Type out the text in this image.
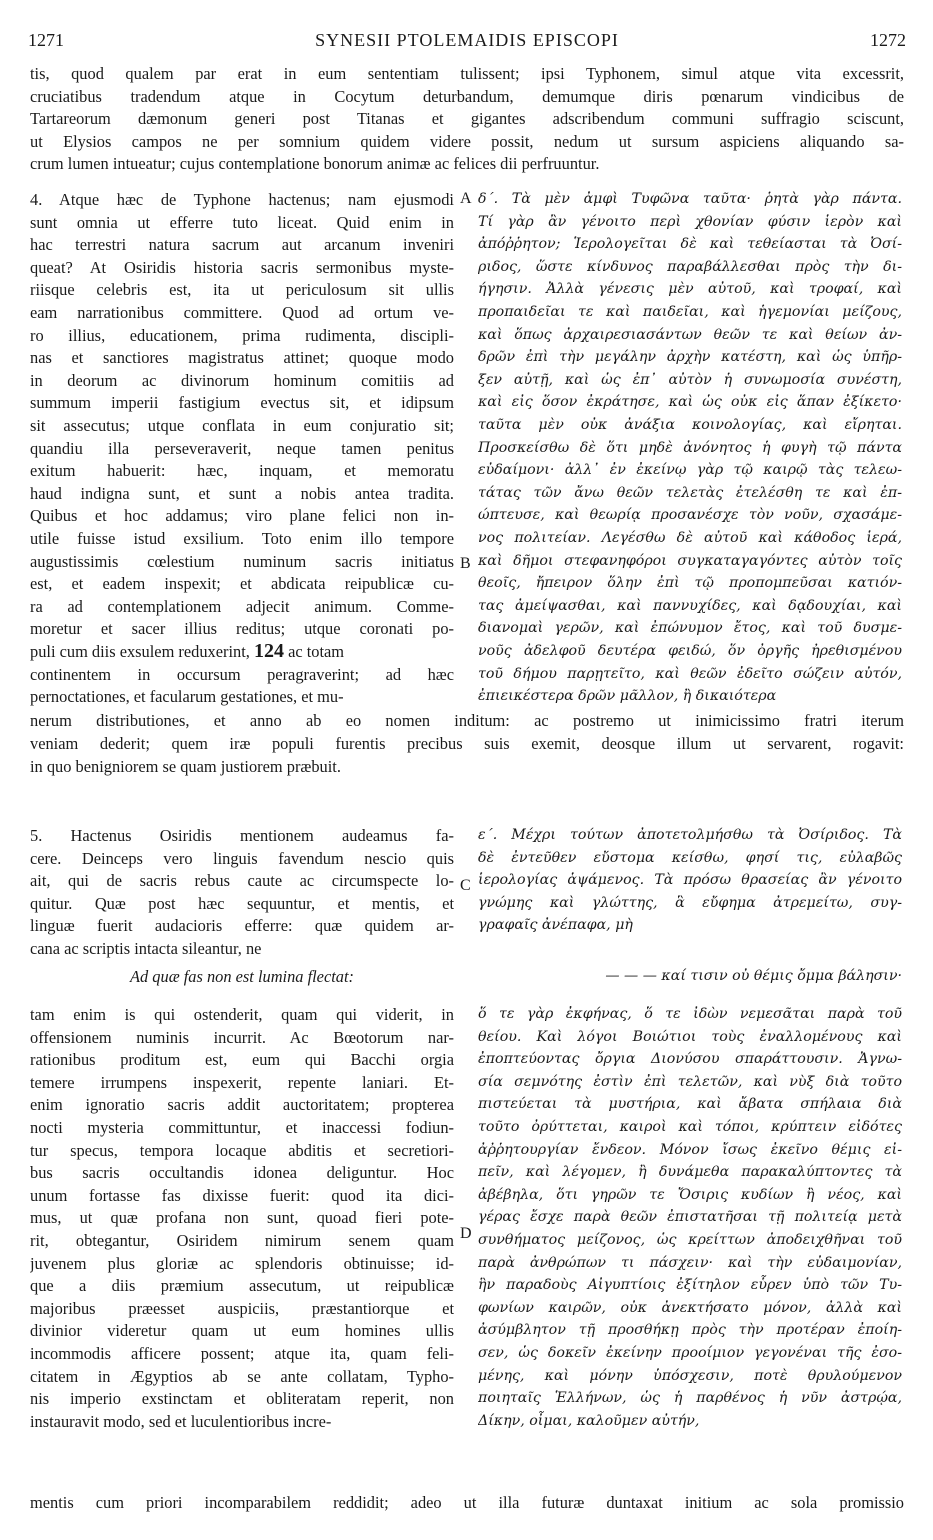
1271	SYNESII PTOLEMAIDIS EPISCOPI	1272
tis, quod qualem par erat in eum sententiam tulissent; ipsi Typhonem, simul atque vita excessrit,
cruciatibus tradendum atque in Cocytum deturbandum, demumque diris pœnarum vindicibus de
Tartareorum dæmonum generi post Titanas et gigantes adscribendum communi suffragio sciscunt,
ut Elysios campos ne per somnium quidem videre possit, nedum ut sursum aspiciens aliquando sa-
crum lumen intueatur; cujus contemplatione bonorum animæ ac felices dii perfruuntur.
4. Atque hæc de Typhone hactenus; nam ejusmodi
sunt omnia ut efferre tuto liceat. Quid enim in
hac terrestri natura sacrum aut arcanum inveniri
queat? At Osiridis historia sacris sermonibus myste-
riisque celebris est, ita ut periculosum sit ullis
eam narrationibus committere. Quod ad ortum ve-
ro illius, educationem, prima rudimenta, discipli-
nas et sanctiores magistratus attinet; quoque modo
in deorum ac divinorum hominum comitiis ad
summum imperii fastigium evectus sit, et idipsum
sit assecutus; utque conflata in eum conjuratio sit;
quandiu illa perseveraverit, neque tamen penitus
exitum habuerit: hæc, inquam, et memoratu
haud indigna sunt, et sunt a nobis antea tradita.
Quibus et hoc addamus; viro plane felici non in-
utile fuisse istud exsilium. Toto enim illo tempore
augustissimis cœlestium numinum sacris initiatus
est, et eadem inspexit; et abdicata reipublicæ cu-
ra ad contemplationem adjecit animum. Comme-
moretur et sacer illius reditus; utque coronati po-
puli cum diis exsulem reduxerint, 124 ac totam
continentem in occursum peragraverint; ad hæc
pernoctationes, et facularum gestationes, et mu-
δ΄. Τὰ μὲν ἀμφὶ Τυφῶνα ταῦτα· ῥητὰ γὰρ πάντα.
Τί γὰρ ἂν γένοιτο περὶ χθονίαν φύσιν ἱερὸν καὶ
ἀπόῤῥητον; Ἱερολογεῖται δὲ καὶ τεθείασται τὰ Ὀσί-
ριδος, ὥστε κίνδυνος παραβάλλεσθαι πρὸς τὴν δι-
ήγησιν. Ἀλλὰ γένεσις μὲν αὐτοῦ, καὶ τροφαί, καὶ
προπαιδεῖαι τε καὶ παιδεῖαι, καὶ ἡγεμονίαι μείζους,
καὶ ὅπως ἀρχαιρεσιασάντων θεῶν τε καὶ θείων ἀν-
δρῶν ἐπὶ τὴν μεγάλην ἀρχὴν κατέστη, καὶ ὡς ὑπῆρ-
ξεν αὐτῇ, καὶ ὡς ἐπ᾽ αὐτὸν ἡ συνωμοσία συνέστη,
καὶ εἰς ὅσον ἐκράτησε, καὶ ὡς οὐκ εἰς ἅπαν ἐξίκετο·
ταῦτα μὲν οὐκ ἀνάξια κοινολογίας, καὶ εἴρηται.
Προσκείσθω δὲ ὅτι μηδὲ ἀνόνητος ἡ φυγὴ τῷ πάντα
εὐδαίμονι· ἀλλ᾽ ἐν ἐκείνῳ γὰρ τῷ καιρῷ τὰς τελεω-
τάτας τῶν ἄνω θεῶν τελετὰς ἐτελέσθη τε καὶ ἐπ-
ώπτευσε, καὶ θεωρίᾳ προσανέσχε τὸν νοῦν, σχασάμε-
νος πολιτείαν. Λεγέσθω δὲ αὐτοῦ καὶ κάθοδος ἱερά,
καὶ δῆμοι στεφανηφόροι συγκαταγαγόντες αὐτὸν τοῖς
θεοῖς, ἤπειρον ὅλην ἐπὶ τῷ προπομπεῦσαι κατιόν-
τας ἀμείψασθαι, καὶ παννυχίδες, καὶ δᾳδουχίαι, καὶ
διανομαὶ γερῶν, καὶ ἐπώνυμον ἔτος, καὶ τοῦ δυσμε-
νοῦς ἀδελφοῦ δευτέρα φειδώ, ὅν ὀργῆς ἠρεθισμένου
τοῦ δήμου παρῃτεῖτο, καὶ θεῶν ἐδεῖτο σώζειν αὐτόν,
ἐπιεικέστερα δρῶν μᾶλλον, ἢ δικαιότερα
nerum distributiones, et anno ab eo nomen inditum: ac postremo ut inimicissimo fratri iterum
veniam dederit; quem iræ populi furentis precibus suis exemit, deosque illum ut servarent, rogavit:
in quo benigniorem se quam justiorem præbuit.
5. Hactenus Osiridis mentionem audeamus fa-
cere. Deinceps vero linguis favendum nescio quis
ait, qui de sacris rebus caute ac circumspecte lo-
quitur. Quæ post hæc sequuntur, et mentis, et
linguæ fuerit audacioris efferre: quæ quidem ar-
cana ac scriptis intacta sileantur, ne
ε΄. Μέχρι τούτων ἀποτετολμήσθω τὰ Ὀσίριδος. Τὰ
δὲ ἐντεῦθεν εὔστομα κείσθω, φησί τις, εὐλαβῶς
ἱερολογίας ἁψάμενος. Τὰ πρόσω θρασείας ἂν γένοιτο
γνώμης καὶ γλώττης, ἃ εὔφημα ἀτρεμείτω, συγ-
γραφαῖς ἀνέπαφα, μὴ
tam enim is qui ostenderit, quam qui viderit, in
offensionem numinis incurrit. Ac Bœotorum nar-
rationibus proditum est, eum qui Bacchi orgia
temere irrumpens inspexerit, repente laniari. Et-
enim ignoratio sacris addit auctoritatem; propterea
nocti mysteria committuntur, et inaccessi fodiun-
tur specus, tempora locaque abditis et secretiori-
bus sacris occultandis idonea deliguntur. Hoc
unum fortasse fas dixisse fuerit: quod ita dici-
mus, ut quæ profana non sunt, quoad fieri pote-
rit, obtegantur, Osiridem nimirum senem quam
juvenem plus gloriæ ac splendoris obtinuisse; id-
que a diis præmium assecutum, ut reipublicæ
majoribus præesset auspiciis, præstantiorque et
divinior videretur quam ut eum homines ullis
incommodis afficere possent; atque ita, quam feli-
citatem in Ægyptios ab se ante collatam, Typho-
nis imperio exstinctam et obliteratam reperit, non
instauravit modo, sed et luculentioribus incre-
ὅ τε γὰρ ἐκφήνας, ὅ τε ἰδὼν νεμεσᾶται παρὰ τοῦ
θείου. Καὶ λόγοι Βοιώτιοι τοὺς ἐναλλομένους καὶ
ἐποπτεύοντας ὄργια Διονύσου σπαράττουσιν. Ἀγνω-
σία σεμνότης ἐστὶν ἐπὶ τελετῶν, καὶ νὺξ διὰ τοῦτο
πιστεύεται τὰ μυστήρια, καὶ ἄβατα σπήλαια διὰ
τοῦτο ὀρύττεται, καιροὶ καὶ τόποι, κρύπτειν εἰδότες
ἀῤῥητουργίαν ἔνδεον. Μόνον ἴσως ἐκεῖνο θέμις εἰ-
πεῖν, καὶ λέγομεν, ἢ δυνάμεθα παρακαλύπτοντες τὰ
ἀβέβηλα, ὅτι γηρῶν τε Ὄσιρις κυδίων ἢ νέος, καὶ
γέρας ἔσχε παρὰ θεῶν ἐπιστατῆσαι τῇ πολιτείᾳ μετὰ
συνθήματος μείζονος, ὡς κρείττων ἀποδειχθῆναι τοῦ
παρὰ ἀνθρώπων τι πάσχειν· καὶ τὴν εὐδαιμονίαν,
ἣν παραδοὺς Αἰγυπτίοις ἐξίτηλον εὗρεν ὑπὸ τῶν Τυ-
φωνίων καιρῶν, οὐκ ἀνεκτήσατο μόνον, ἀλλὰ καὶ
ἀσύμβλητον τῇ προσθήκῃ πρὸς τὴν προτέραν ἐποίη-
σεν, ὡς δοκεῖν ἐκείνην προοίμιον γεγονέναι τῆς ἐσο-
μένης, καὶ μόνην ὑπόσχεσιν, ποτὲ θρυλούμενον
ποιηταῖς Ἑλλήνων, ὡς ἡ παρθένος ἡ νῦν ἀστρῴα,
Δίκην, οἶμαι, καλοῦμεν αὐτήν,
Ad quæ fas non est lumina flectat:	— — — καί τισιν οὐ θέμις ὄμμα βάλησιν·
mentis cum priori incomparabilem reddidit; adeo ut illa futuræ duntaxat initium ac sola promissio
A
B
C
D
